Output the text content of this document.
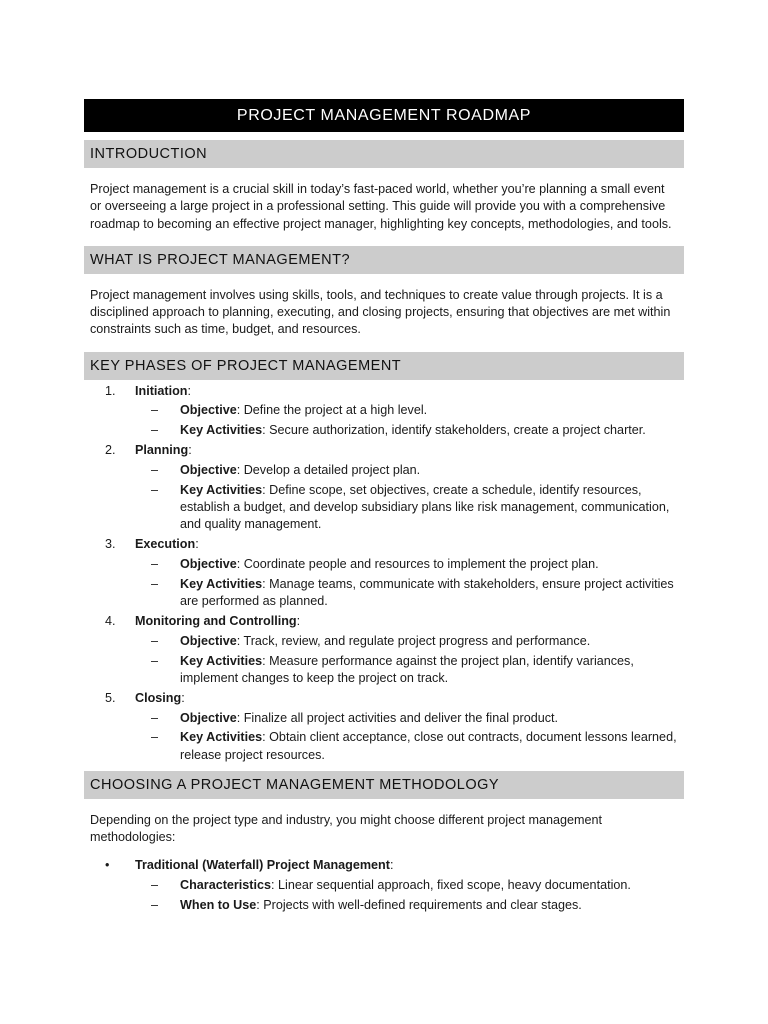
PROJECT MANAGEMENT ROADMAP
INTRODUCTION

Project management is a crucial skill in today’s fast-paced world, whether you’re planning a small event or overseeing a large project in a professional setting. This guide will provide you with a comprehensive roadmap to becoming an effective project manager, highlighting key concepts, methodologies, and tools.

WHAT IS PROJECT MANAGEMENT?

Project management involves using skills, tools, and techniques to create value through projects. It is a disciplined approach to planning, executing, and closing projects, ensuring that objectives are met within constraints such as time, budget, and resources.

KEY PHASES OF PROJECT MANAGEMENT
1. Initiation:
– Objective: Define the project at a high level.
– Key Activities: Secure authorization, identify stakeholders, create a project charter.
2. Planning:
– Objective: Develop a detailed project plan.
– Key Activities: Define scope, set objectives, create a schedule, identify resources, establish a budget, and develop subsidiary plans like risk management, communication, and quality management.
3. Execution:
– Objective: Coordinate people and resources to implement the project plan.
– Key Activities: Manage teams, communicate with stakeholders, ensure project activities are performed as planned.
4. Monitoring and Controlling:
– Objective: Track, review, and regulate project progress and performance.
– Key Activities: Measure performance against the project plan, identify variances, implement changes to keep the project on track.
5. Closing:
– Objective: Finalize all project activities and deliver the final product.
– Key Activities: Obtain client acceptance, close out contracts, document lessons learned, release project resources.
CHOOSING A PROJECT MANAGEMENT METHODOLOGY

Depending on the project type and industry, you might choose different project management methodologies:

• Traditional (Waterfall) Project Management:
– Characteristics: Linear sequential approach, fixed scope, heavy documentation.
– When to Use: Projects with well-defined requirements and clear stages.
